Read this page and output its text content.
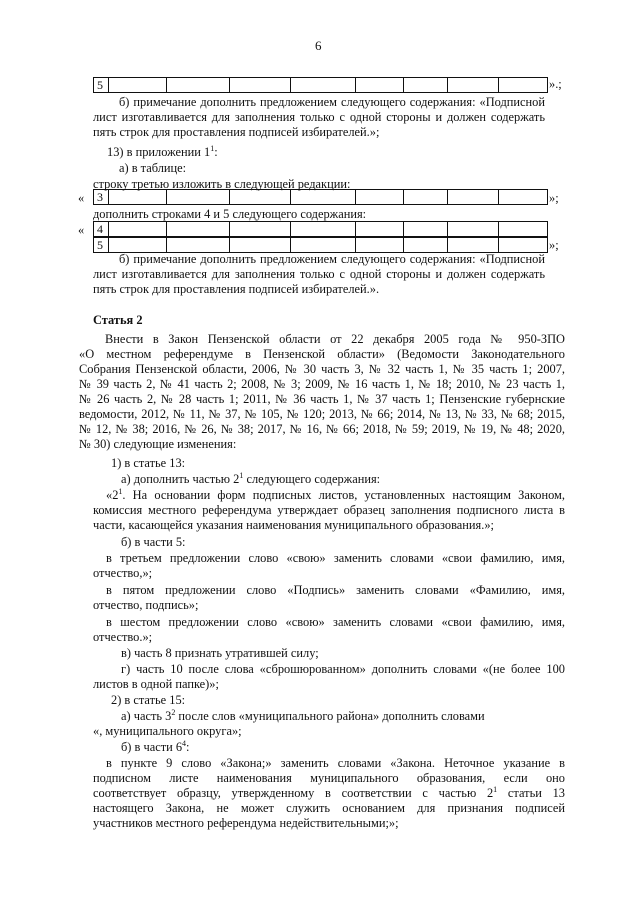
6
5	».;
б) примечание дополнить предложением следующего содержания: «Подписной
лист изготавливается для заполнения только с одной стороны и должен содержать
пять строк для проставления подписей избирателей.»;
13) в приложении $1^1$:
а) в таблице:
строку третью изложить в следующей редакции:
« 3	»;
дополнить строками 4 и 5 следующего содержания:
« 4
5	»;
б) примечание дополнить предложением следующего содержания: «Подписной
лист изготавливается для заполнения только с одной стороны и должен содержать
пять строк для проставления подписей избирателей.».
Статья 2
Внести в Закон Пензенской области от 22 декабря 2005 года № 950-ЗПО
«О местном референдуме в Пензенской области» (Ведомости Законодательного
Собрания Пензенской области, 2006, № 30 часть 3, № 32 часть 1, № 35 часть 1; 2007,
№ 39 часть 2, № 41 часть 2; 2008, № 3; 2009, № 16 часть 1, № 18; 2010, № 23 часть 1,
№ 26 часть 2, № 28 часть 1; 2011, № 36 часть 1, № 37 часть 1; Пензенские губернские
ведомости, 2012, № 11, № 37, № 105, № 120; 2013, № 66; 2014, № 13, № 33, № 68; 2015,
№ 12, № 38; 2016, № 26, № 38; 2017, № 16, № 66; 2018, № 59; 2019, № 19, № 48; 2020,
№ 30) следующие изменения:
1) в статье 13:
а) дополнить частью $2^1$ следующего содержания:
«$2^1$. На основании форм подписных листов, установленных настоящим Законом,
комиссия местного референдума утверждает образец заполнения подписного листа в
части, касающейся указания наименования муниципального образования.»;
б) в части 5:
в третьем предложении слово «свою» заменить словами «свои фамилию, имя,
отчество,»;
в пятом предложении слово «Подпись» заменить словами «Фамилию, имя,
отчество, подпись»;
в шестом предложении слово «свою» заменить словами «свои фамилию, имя,
отчество.»;
в) часть 8 признать утратившей силу;
г) часть 10 после слова «сброшюрованном» дополнить словами «(не более 100
листов в одной папке)»;
2) в статье 15:
а) часть $3^2$ после слов «муниципального района» дополнить словами
«, муниципального округа»;
б) в части $6^4$:
в пункте 9 слово «Закона;» заменить словами «Закона. Неточное указание в
подписном листе наименования муниципального образования, если оно
соответствует образцу, утвержденному в соответствии с частью $2^1$ статьи 13
настоящего Закона, не может служить основанием для признания подписей
участников местного референдума недействительными;»;
